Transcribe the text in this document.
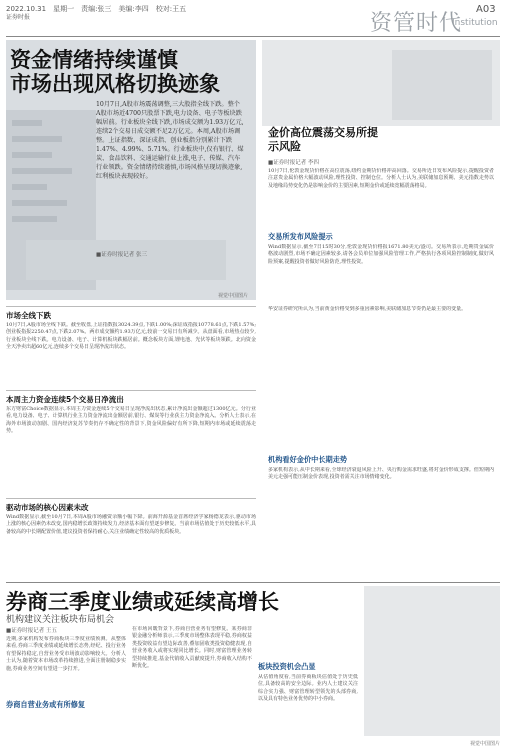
2022.10.31　星期一　责编:张三　美编:李四　校对:王五
证券时报	资管时代
Institution
A03
资金情绪持续谨慎
市场出现风格切换迹象
10月7日,A股市场震荡调整,三大股指全线下跌。整个A股市场近4700只股票下跌,电力设备、电子等板块跌幅居前。行业板块全线下跌,市场成交额为1.93万亿元,连续2个交易日成交额不足2万亿元。本周,A股市场调整。上证指数、深证成指、创业板指分别累计下跌1.47%、4.99%、5.71%。行业板块中,仅有银行、煤炭、食品饮料、交通运输行业上涨,电子、传媒、汽车行业领跌。资金情绪持续谨慎,市场风格呈现切换迹象,红利板块表现较好。
■证券时报记者 张三
视觉中国图片
金价高位震荡交易所提示风险
■证券时报记者 李四
10月7日,伦敦金现货价格在高位震荡,纽约金期货价格冲高回落。交易所近日发布风险提示,提醒投资者注意贵金属价格大幅波动风险,理性投资、控制仓位。分析人士认为,美联储加息预期、美元指数走势以及地缘局势变化仍是影响金价的主要因素,短期金价或延续宽幅震荡格局。
交易所发布风险提示
Wind数据显示,截至7日15时30分,伦敦金现货价格报1671.80美元/盎司。交易所表示,近期贵金属价格波动剧烈,市场不确定因素较多,请各会员单位加强风险管理工作,严格执行各项风险控制制度,做好风险预案,提醒投资者做好风险防范,理性投资。
华安证券研究所认为,当前黄金价格受到多重因素影响,美联储加息节奏仍是最主要的变量。
机构看好金价中长期走势
多家机构表示,从中长期来看,全球经济衰退风险上升、央行购金需求旺盛,将对金价形成支撑。但短期内美元走强可能压制金价表现,投资者需关注市场情绪变化。
市场全线下跌
10月7日,A股市场全线下跌。截至收盘,上证指数报3024.39点,下跌1.00%;深证成指报10778.61点,下跌1.57%;创业板指报2250.47点,下跌2.07%。两市成交额约1.93万亿元,较前一交易日有所减少。从盘面看,市场热点较少,行业板块全线下跌。电力设备、电子、计算机板块跌幅居前。概念板块方面,锂电池、光伏等板块领跌。北向资金全天净卖出超60亿元,连续多个交易日呈现净流出状态。
本周主力资金连续5个交易日净流出
东方财富Choice数据显示,本周主力资金连续5个交易日呈现净流出状态,累计净流出金额超过1300亿元。分行业看,电力设备、电子、计算机行业主力资金净流出金额居前,银行、煤炭等行业获主力资金净流入。分析人士表示,在海外市场波动加剧、国内经济复苏节奏仍存不确定性的背景下,资金风险偏好有所下降,短期内市场或延续震荡走势。
驱动市场的核心因素未改
Wind数据显示,截至10月7日,本周A股市场融资余额小幅下降。前海开源基金首席经济学家杨德龙表示,驱动市场上涨的核心因素仍未改变,国内稳增长政策持续发力,经济基本面有望逐步修复。当前市场估值处于历史较低水平,具备较高的中长期配置价值,建议投资者保持耐心,关注业绩确定性较高的优质板块。
券商三季度业绩或延续高增长
机构建议关注板块布局机会
■证券时报记者 王五
近期,多家机构发布券商板块三季度业绩预测。从整体来看,券商三季度业绩或延续增长态势,经纪、投行业务有望保持稳定,自营业务受市场波动影响较大。分析人士认为,随着资本市场改革持续推进,全面注册制稳步实施,券商业务空间有望进一步打开。
券商自营业务或有所修复
在市场回暖背景下,券商自营业务有望修复。某券商非银金融分析师表示,三季度市场整体表现平稳,券商权益类投资收益有望边际改善,叠加固收类投资稳健表现,自营业务收入或将实现同比增长。同时,财富管理业务转型持续推进,基金代销收入贡献度提升,券商收入结构不断优化。	板块投资机会凸显
从估值角度看,当前券商板块估值处于历史低位,具备较高的安全边际。业内人士建议关注综合实力强、财富管理转型领先的头部券商,以及具有特色业务优势的中小券商。
视觉中国图片
